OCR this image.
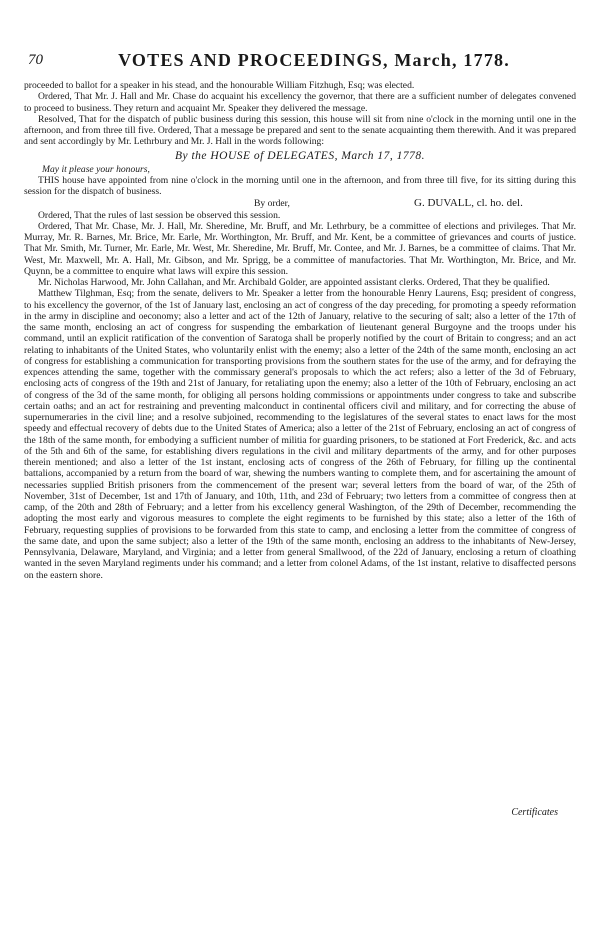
70	VOTES AND PROCEEDINGS, March, 1778.

proceeded to ballot for a speaker in his stead, and the honourable William Fitzhugh, Esq; was elected.

Ordered, That Mr. J. Hall and Mr. Chase do acquaint his excellency the governor, that there are a sufficient number of delegates convened to proceed to business. They return and acquaint Mr. Speaker they delivered the message.

Resolved, That for the dispatch of public business during this session, this house will sit from nine o'clock in the morning until one in the afternoon, and from three till five. Ordered, That a message be prepared and sent to the senate acquainting them therewith. And it was prepared and sent accordingly by Mr. Lethrbury and Mr. J. Hall in the words following:

By the HOUSE of DELEGATES, March 17, 1778.

May it please your honours,

THIS house have appointed from nine o'clock in the morning until one in the afternoon, and from three till five, for its sitting during this session for the dispatch of business.

By order,	G. DUVALL, cl. ho. del.

Ordered, That the rules of last session be observed this session.

Ordered, That Mr. Chase, Mr. J. Hall, Mr. Sheredine, Mr. Bruff, and Mr. Lethrbury, be a committee of elections and privileges. That Mr. Murray, Mr. R. Barnes, Mr. Brice, Mr. Earle, Mr. Worthington, Mr. Bruff, and Mr. Kent, be a committee of grievances and courts of justice. That Mr. Smith, Mr. Turner, Mr. Earle, Mr. West, Mr. Sheredine, Mr. Bruff, Mr. Contee, and Mr. J. Barnes, be a committee of claims. That Mr. West, Mr. Maxwell, Mr. A. Hall, Mr. Gibson, and Mr. Sprigg, be a committee of manufactories. That Mr. Worthington, Mr. Brice, and Mr. Quynn, be a committee to enquire what laws will expire this session.

Mr. Nicholas Harwood, Mr. John Callahan, and Mr. Archibald Golder, are appointed assistant clerks. Ordered, That they be qualified.

Matthew Tilghman, Esq; from the senate, delivers to Mr. Speaker a letter from the honourable Henry Laurens, Esq; president of congress, to his excellency the governor, of the 1st of January last, enclosing an act of congress of the day preceding, for promoting a speedy reformation in the army in discipline and oeconomy; also a letter and act of the 12th of January, relative to the securing of salt; also a letter of the 17th of the same month, enclosing an act of congress for suspending the embarkation of lieutenant general Burgoyne and the troops under his command, until an explicit ratification of the convention of Saratoga shall be properly notified by the court of Britain to congress; and an act relating to inhabitants of the United States, who voluntarily enlist with the enemy; also a letter of the 24th of the same month, enclosing an act of congress for establishing a communication for transporting provisions from the southern states for the use of the army, and for defraying the expences attending the same, together with the commissary general's proposals to which the act refers; also a letter of the 3d of February, enclosing acts of congress of the 19th and 21st of January, for retaliating upon the enemy; also a letter of the 10th of February, enclosing an act of congress of the 3d of the same month, for obliging all persons holding commissions or appointments under congress to take and subscribe certain oaths; and an act for restraining and preventing malconduct in continental officers civil and military, and for correcting the abuse of supernumeraries in the civil line; and a resolve subjoined, recommending to the legislatures of the several states to enact laws for the most speedy and effectual recovery of debts due to the United States of America; also a letter of the 21st of February, enclosing an act of congress of the 18th of the same month, for embodying a sufficient number of militia for guarding prisoners, to be stationed at Fort Frederick, &c. and acts of the 5th and 6th of the same, for establishing divers regulations in the civil and military departments of the army, and for other purposes therein mentioned; and also a letter of the 1st instant, enclosing acts of congress of the 26th of February, for filling up the continental battalions, accompanied by a return from the board of war, shewing the numbers wanting to complete them, and for ascertaining the amount of necessaries supplied British prisoners from the commencement of the present war; several letters from the board of war, of the 25th of November, 31st of December, 1st and 17th of January, and 10th, 11th, and 23d of February; two letters from a committee of congress then at camp, of the 20th and 28th of February; and a letter from his excellency general Washington, of the 29th of December, recommending the adopting the most early and vigorous measures to complete the eight regiments to be furnished by this state; also a letter of the 16th of February, requesting supplies of provisions to be forwarded from this state to camp, and enclosing a letter from the committee of congress of the same date, and upon the same subject; also a letter of the 19th of the same month, enclosing an address to the inhabitants of New-Jersey, Pennsylvania, Delaware, Maryland, and Virginia; and a letter from general Smallwood, of the 22d of January, enclosing a return of cloathing wanted in the seven Maryland regiments under his command; and a letter from colonel Adams, of the 1st instant, relative to disaffected persons on the eastern shore.

Certificates
